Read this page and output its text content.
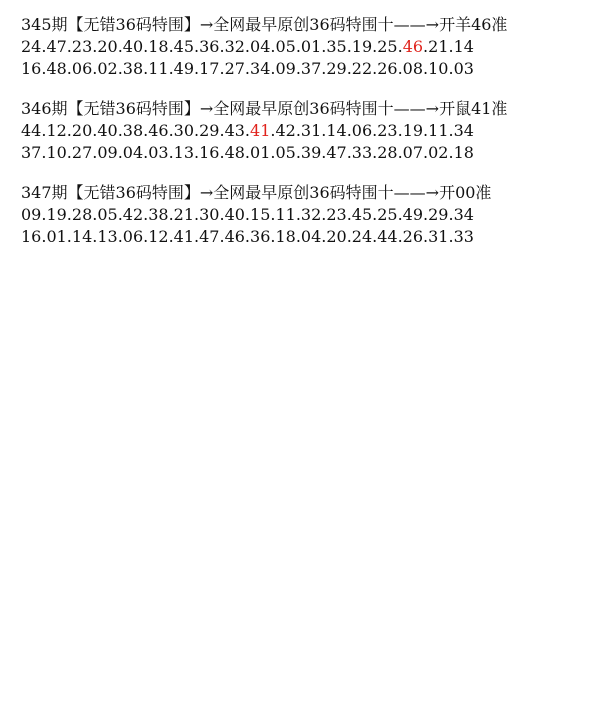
345期【无错36码特围】→全网最早原创36码特围十——→开羊46准
24.47.23.20.40.18.45.36.32.04.05.01.35.19.25.46.21.14
16.48.06.02.38.11.49.17.27.34.09.37.29.22.26.08.10.03
346期【无错36码特围】→全网最早原创36码特围十——→开鼠41准
44.12.20.40.38.46.30.29.43.41.42.31.14.06.23.19.11.34
37.10.27.09.04.03.13.16.48.01.05.39.47.33.28.07.02.18
347期【无错36码特围】→全网最早原创36码特围十——→开00准
09.19.28.05.42.38.21.30.40.15.11.32.23.45.25.49.29.34
16.01.14.13.06.12.41.47.46.36.18.04.20.24.44.26.31.33
